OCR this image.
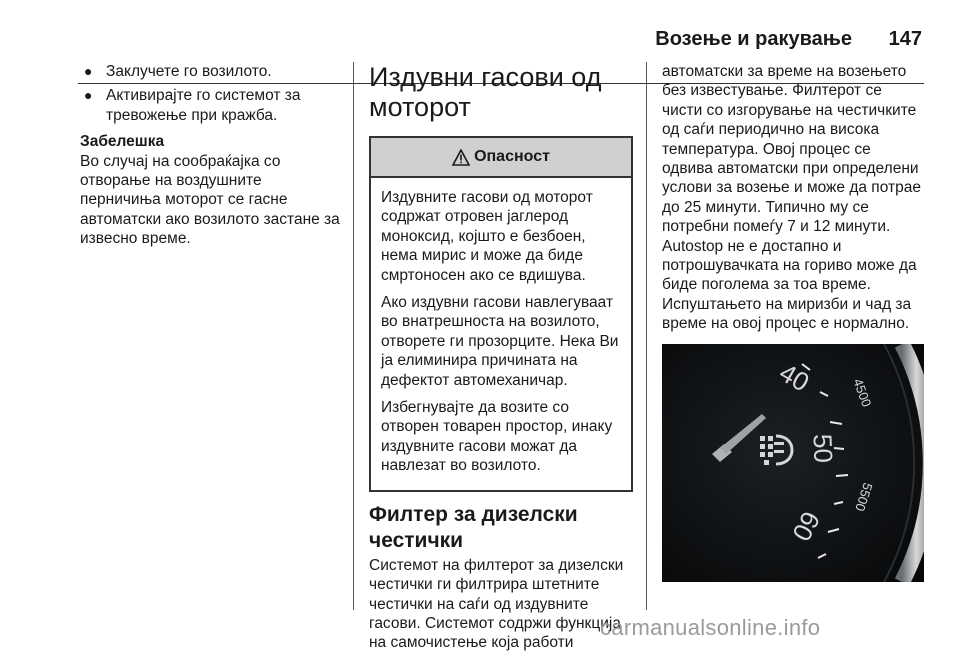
Возење и ракување 147
● Заклучете го возилото.
● Активирајте го системот за тревожење при кражба.
Забелешка

Во случај на сообраќајка со отворање на воздушните перничиња моторот се гасне автоматски ако возилото застане за извесно време.

Издувни гасови од моторот
Опасност

Издувните гасови од моторот содржат отровен јаглерод моноксид, којшто е безбоен, нема мирис и може да биде смртоносен ако се вдишува.

Ако издувни гасови навлегуваат во внатрешноста на возилото, отворете ги прозорците. Нека Ви ја елиминира причината на дефектот автомеханичар.

Избегнувајте да возите со отворен товарен простор, инаку издувните гасови можат да навлезат во возилото.

Филтер за дизелски честички

Системот на филтерот за дизелски честички ги филтрира штетните честички на саѓи од издувните гасови. Системот содржи функција на самочистење која работи

автоматски за време на возењето без известување. Филтерот се чисти со изгорување на честичките од саѓи периодично на висока температура. Овој процес се одвива автоматски при определени услови за возење и може да потрае до 25 минути. Типично му се потребни помеѓу 7 и 12 минути. Autostop не е достапно и потрошувачката на гориво може да биде поголема за тоа време. Испуштањето на миризби и чад за време на овој процес е нормално.

40	4500
50
5500
60
carmanualsonline.info
